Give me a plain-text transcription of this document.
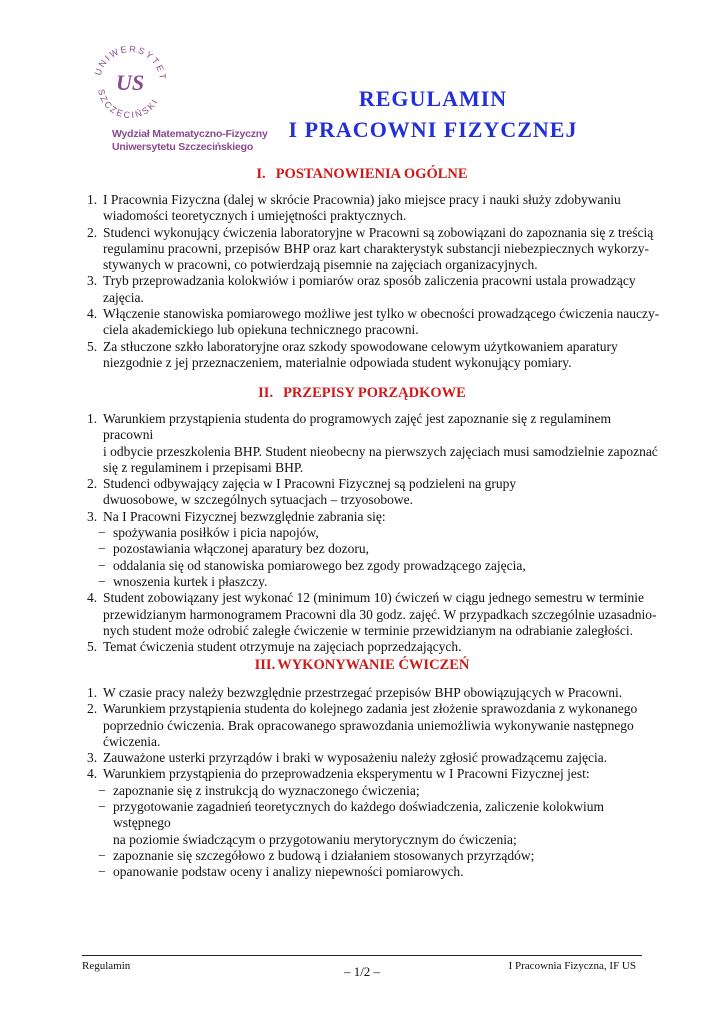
UNIWERSYTET
SZCZECIŃSKI
US
Wydział Matematyczno-Fizyczny
Uniwersytetu Szczecińskiego
REGULAMIN
I PRACOWNI FIZYCZNEJ
I. POSTANOWIENIA OGÓLNE
1. I Pracownia Fizyczna (dalej w skrócie Pracownia) jako miejsce pracy i nauki służy zdobywaniu
wiadomości teoretycznych i umiejętności praktycznych.
2. Studenci wykonujący ćwiczenia laboratoryjne w Pracowni są zobowiązani do zapoznania się z treścią
regulaminu pracowni, przepisów BHP oraz kart charakterystyk substancji niebezpiecznych wykorzy-
stywanych w pracowni, co potwierdzają pisemnie na zajęciach organizacyjnych.
3. Tryb przeprowadzania kolokwiów i pomiarów oraz sposób zaliczenia pracowni ustala prowadzący
zajęcia.
4. Włączenie stanowiska pomiarowego możliwe jest tylko w obecności prowadzącego ćwiczenia nauczy-
ciela akademickiego lub opiekuna technicznego pracowni.
5. Za stłuczone szkło laboratoryjne oraz szkody spowodowane celowym użytkowaniem aparatury
niezgodnie z jej przeznaczeniem, materialnie odpowiada student wykonujący pomiary.
II. PRZEPISY PORZĄDKOWE
1. Warunkiem przystąpienia studenta do programowych zajęć jest zapoznanie się z regulaminem pracowni
i odbycie przeszkolenia BHP. Student nieobecny na pierwszych zajęciach musi samodzielnie zapoznać
się z regulaminem i przepisami BHP.
2. Studenci odbywający zajęcia w I Pracowni Fizycznej są podzieleni na grupy
dwuosobowe, w szczególnych sytuacjach – trzyosobowe.
3. Na I Pracowni Fizycznej bezwzględnie zabrania się:
− spożywania posiłków i picia napojów,
− pozostawiania włączonej aparatury bez dozoru,
− oddalania się od stanowiska pomiarowego bez zgody prowadzącego zajęcia,
− wnoszenia kurtek i płaszczy.
4. Student zobowiązany jest wykonać 12 (minimum 10) ćwiczeń w ciągu jednego semestru w terminie
przewidzianym harmonogramem Pracowni dla 30 godz. zajęć. W przypadkach szczególnie uzasadnio-
nych student może odrobić zaległe ćwiczenie w terminie przewidzianym na odrabianie zaległości.
5. Temat ćwiczenia student otrzymuje na zajęciach poprzedzających.
III. WYKONYWANIE ĆWICZEŃ
1. W czasie pracy należy bezwzględnie przestrzegać przepisów BHP obowiązujących w Pracowni.
2. Warunkiem przystąpienia studenta do kolejnego zadania jest złożenie sprawozdania z wykonanego
poprzednio ćwiczenia. Brak opracowanego sprawozdania uniemożliwia wykonywanie następnego
ćwiczenia.
3. Zauważone usterki przyrządów i braki w wyposażeniu należy zgłosić prowadzącemu zajęcia.
4. Warunkiem przystąpienia do przeprowadzenia eksperymentu w I Pracowni Fizycznej jest:
− zapoznanie się z instrukcją do wyznaczonego ćwiczenia;
− przygotowanie zagadnień teoretycznych do każdego doświadczenia, zaliczenie kolokwium wstępnego
na poziomie świadczącym o przygotowaniu merytorycznym do ćwiczenia;
− zapoznanie się szczegółowo z budową i działaniem stosowanych przyrządów;
− opanowanie podstaw oceny i analizy niepewności pomiarowych.
Regulamin	– 1/2 –	I Pracownia Fizyczna, IF US
